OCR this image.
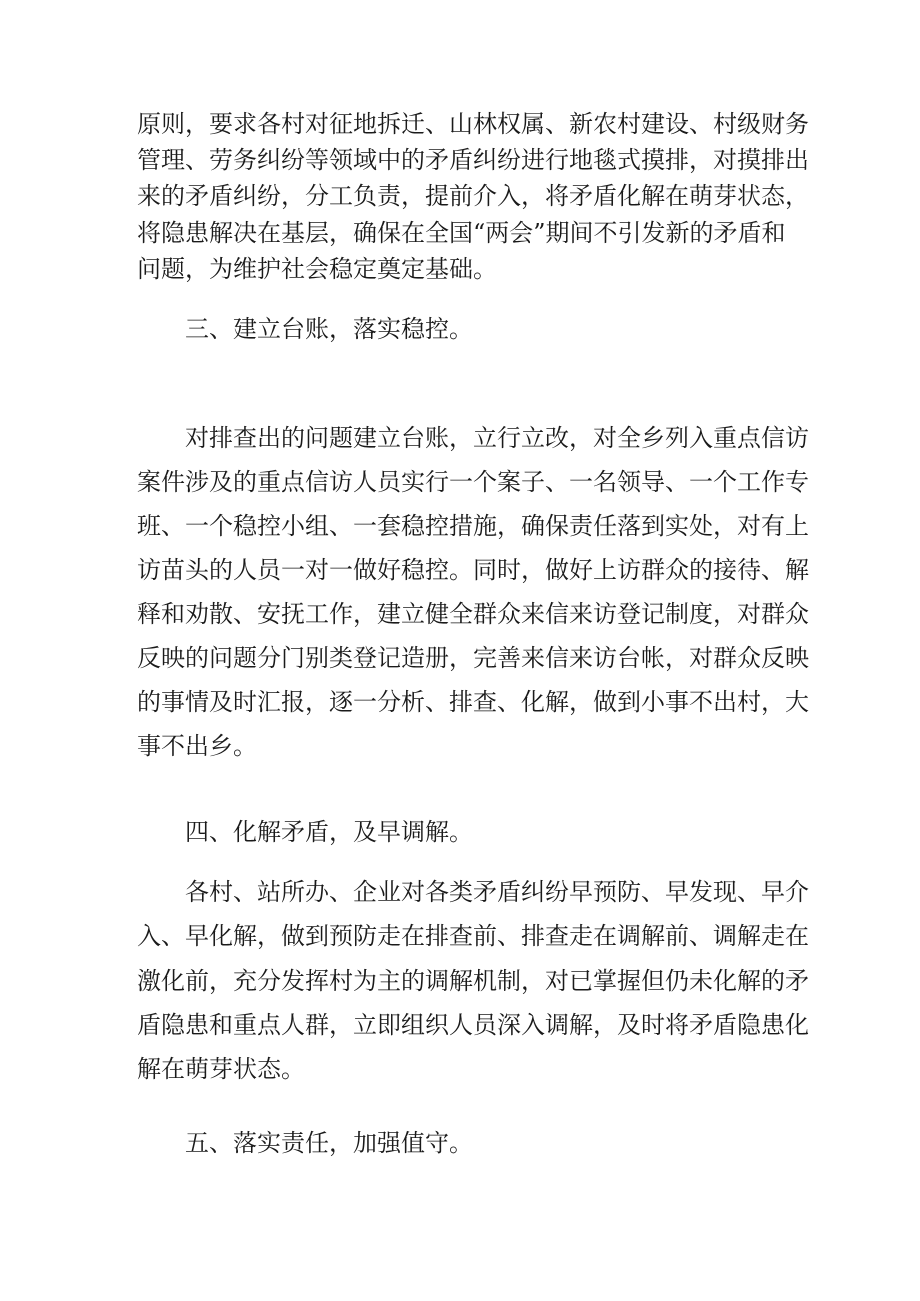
原则，要求各村对征地拆迁、山林权属、新农村建设、村级财务
管理、劳务纠纷等领域中的矛盾纠纷进行地毯式摸排，对摸排出
来的矛盾纠纷，分工负责，提前介入，将矛盾化解在萌芽状态，
将隐患解决在基层，确保在全国“两会”期间不引发新的矛盾和
问题，为维护社会稳定奠定基础。
三、建立台账，落实稳控。
对排查出的问题建立台账，立行立改，对全乡列入重点信访
案件涉及的重点信访人员实行一个案子、一名领导、一个工作专
班、一个稳控小组、一套稳控措施，确保责任落到实处，对有上
访苗头的人员一对一做好稳控。同时，做好上访群众的接待、解
释和劝散、安抚工作，建立健全群众来信来访登记制度，对群众
反映的问题分门别类登记造册，完善来信来访台帐，对群众反映
的事情及时汇报，逐一分析、排查、化解，做到小事不出村，大
事不出乡。
四、化解矛盾，及早调解。
各村、站所办、企业对各类矛盾纠纷早预防、早发现、早介
入、早化解，做到预防走在排查前、排查走在调解前、调解走在
激化前，充分发挥村为主的调解机制，对已掌握但仍未化解的矛
盾隐患和重点人群，立即组织人员深入调解，及时将矛盾隐患化
解在萌芽状态。
五、落实责任，加强值守。
